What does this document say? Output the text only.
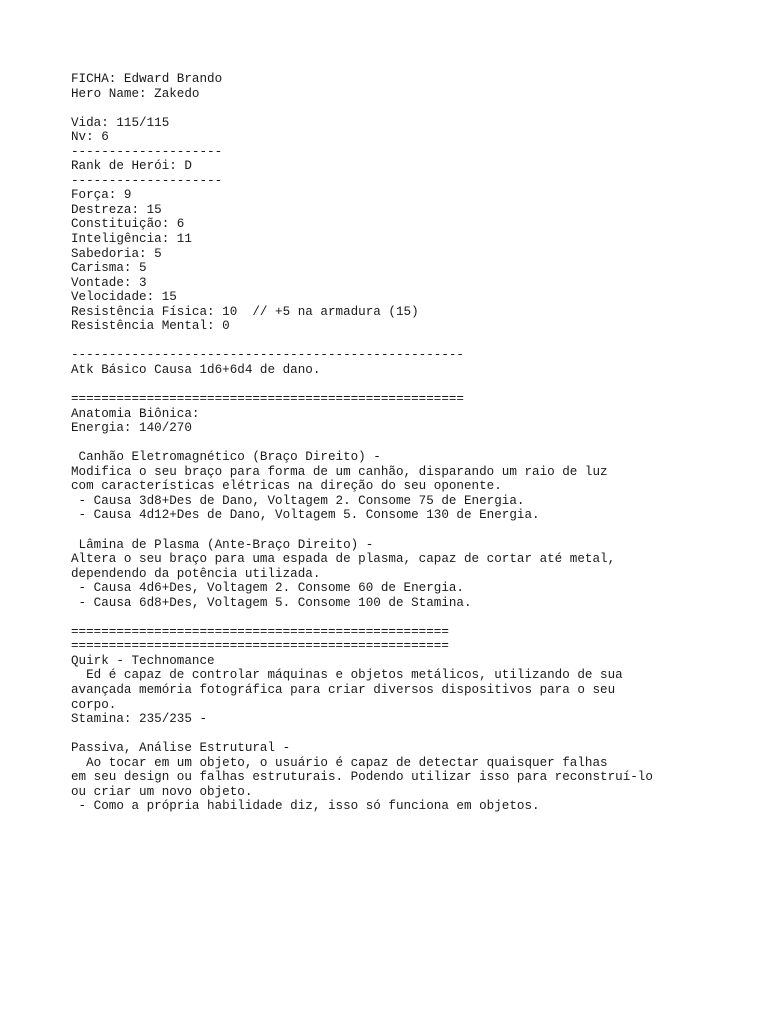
FICHA: Edward Brando
Hero Name: Zakedo
Vida: 115/115
Nv: 6
--------------------
Rank de Herói: D
--------------------
Força: 9
Destreza: 15
Constituição: 6
Inteligência: 11
Sabedoria: 5
Carisma: 5
Vontade: 3
Velocidade: 15
Resistência Física: 10  // +5 na armadura (15)
Resistência Mental: 0
----------------------------------------------------
Atk Básico Causa 1d6+6d4 de dano.
====================================================
Anatomia Biônica:
Energia: 140/270
Canhão Eletromagnético (Braço Direito) -
Modifica o seu braço para forma de um canhão, disparando um raio de luz
com características elétricas na direção do seu oponente.
- Causa 3d8+Des de Dano, Voltagem 2. Consome 75 de Energia.
- Causa 4d12+Des de Dano, Voltagem 5. Consome 130 de Energia.
Lâmina de Plasma (Ante-Braço Direito) -
Altera o seu braço para uma espada de plasma, capaz de cortar até metal,
dependendo da potência utilizada.
- Causa 4d6+Des, Voltagem 2. Consome 60 de Energia.
- Causa 6d8+Des, Voltagem 5. Consome 100 de Stamina.
==================================================
==================================================
Quirk - Technomance
Ed é capaz de controlar máquinas e objetos metálicos, utilizando de sua
avançada memória fotográfica para criar diversos dispositivos para o seu
corpo.
Stamina: 235/235 -
Passiva, Análise Estrutural -
Ao tocar em um objeto, o usuário é capaz de detectar quaisquer falhas
em seu design ou falhas estruturais. Podendo utilizar isso para reconstruí-lo
ou criar um novo objeto.
- Como a própria habilidade diz, isso só funciona em objetos.
